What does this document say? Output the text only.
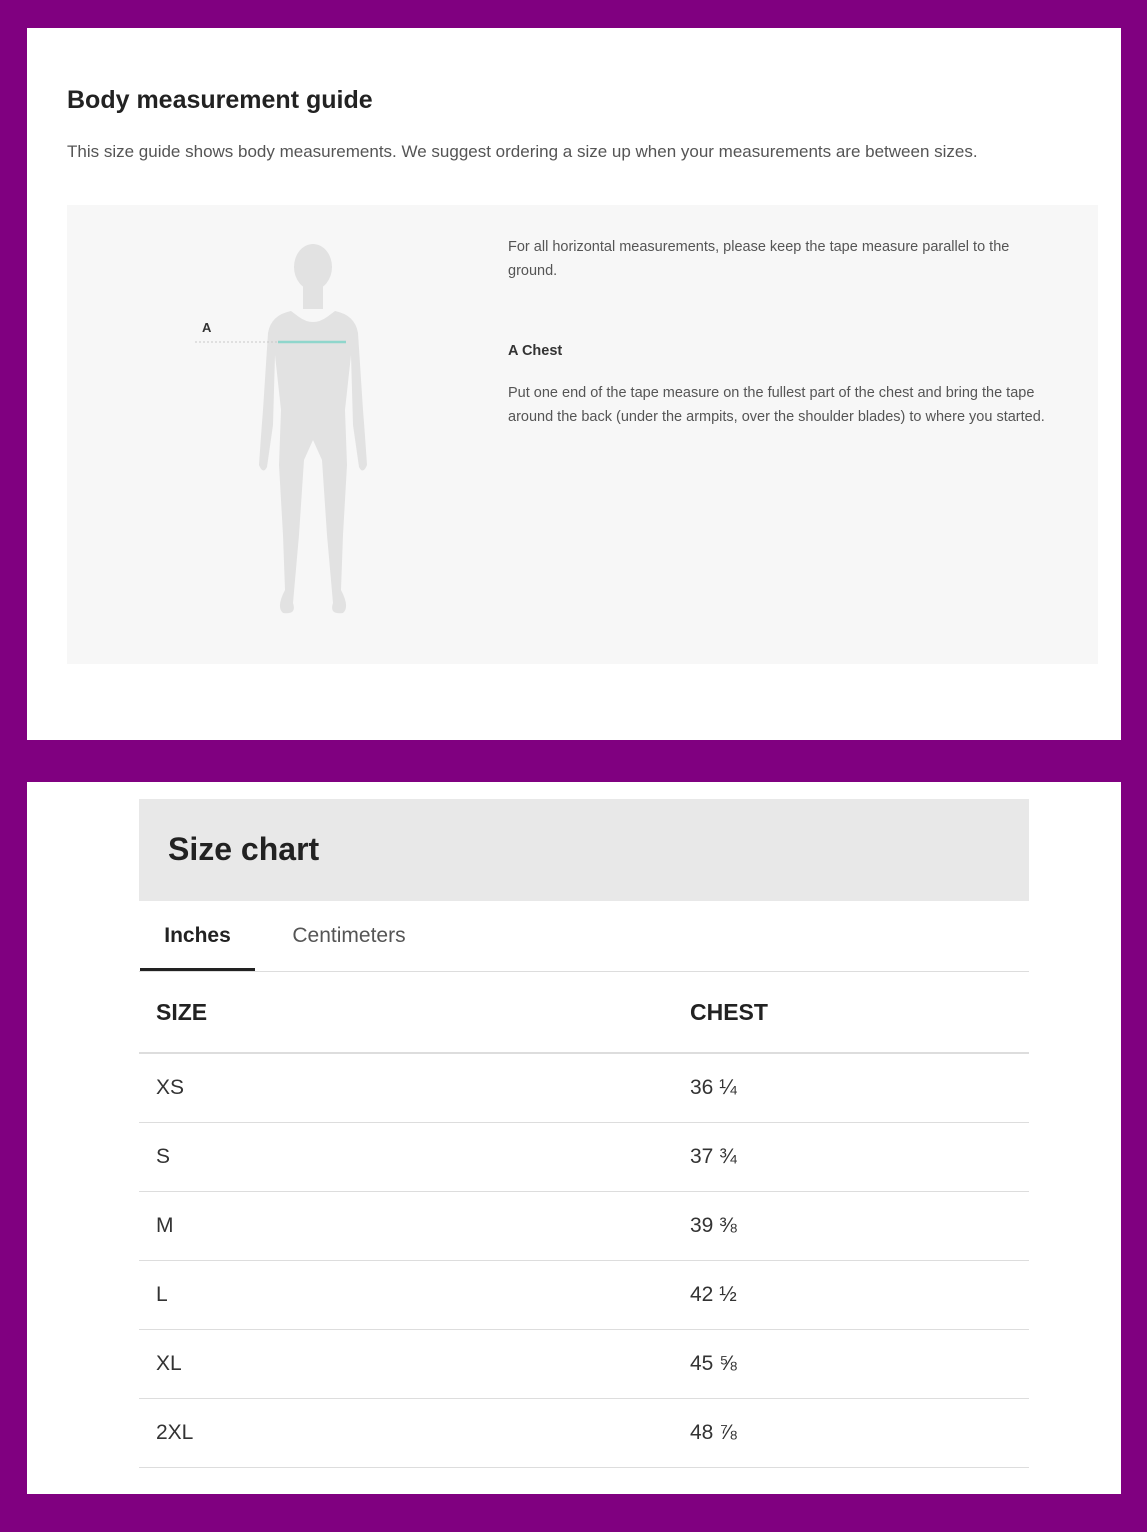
Body measurement guide

This size guide shows body measurements. We suggest ordering a size up when your measurements are between sizes.

A

For all horizontal measurements, please keep the tape measure parallel to the ground.

A Chest

Put one end of the tape measure on the fullest part of the chest and bring the tape around the back (under the armpits, over the shoulder blades) to where you started.

Size chart
Inches	Centimeters
SIZE	CHEST
XS	36 ¼
S	37 ¾
M	39 ⅜
L	42 ½
XL	45 ⅝
2XL	48 ⅞
